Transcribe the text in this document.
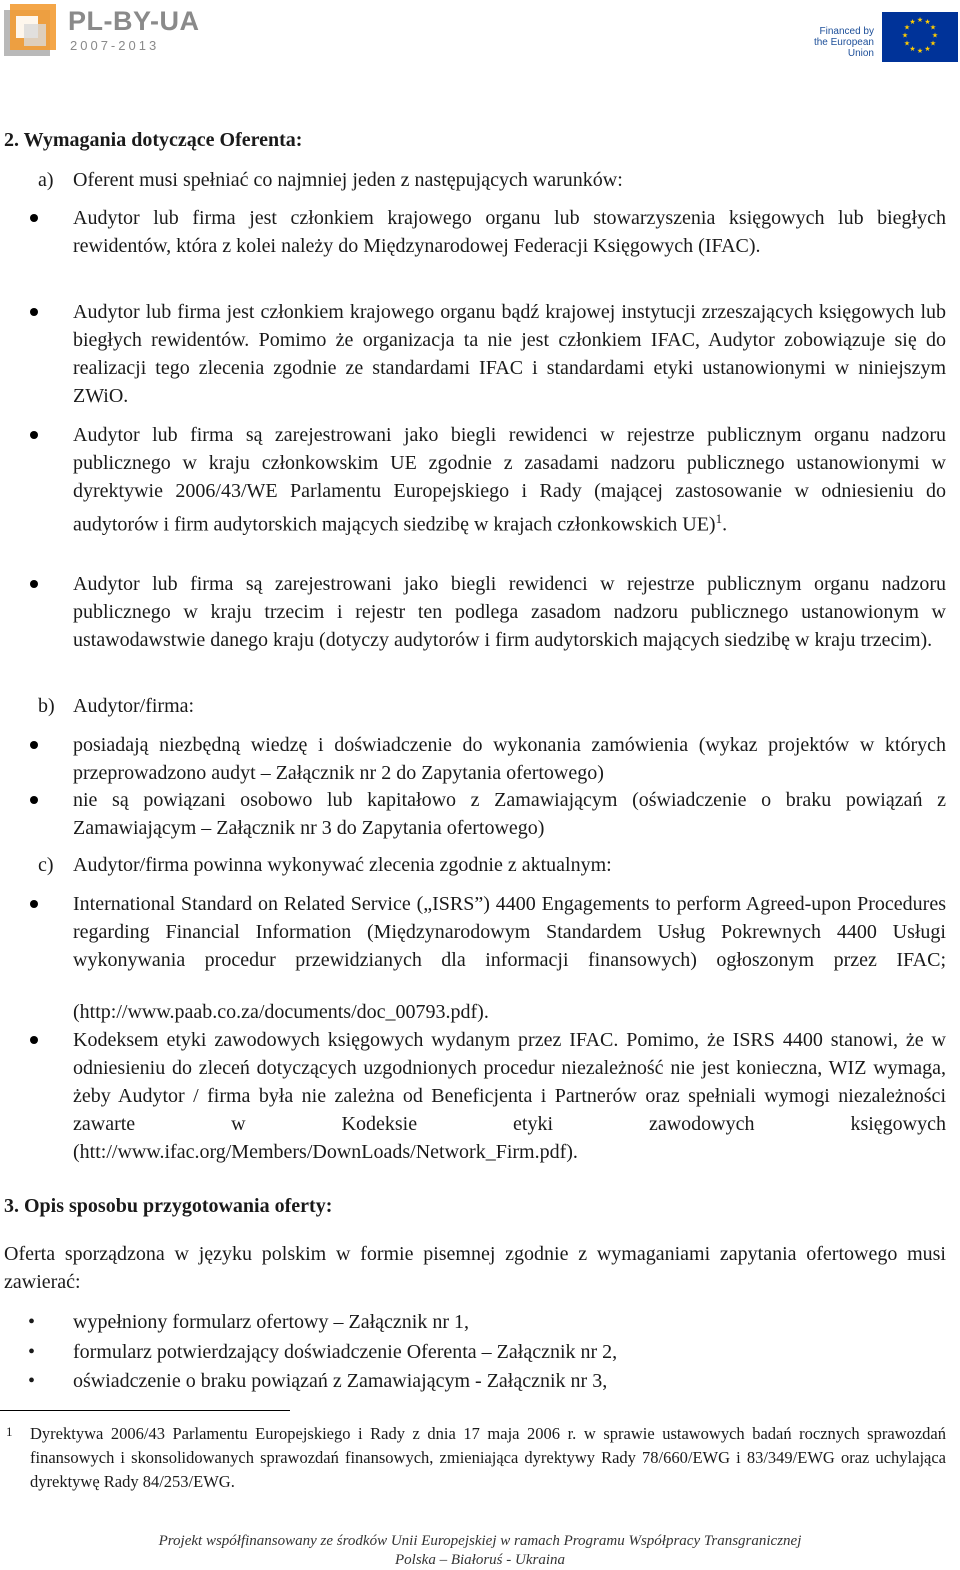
PL-BY-UA
2007-2013
Financed by
the European Union
★ ★
★
★
★
★
★
★
★
★
★
★
2. Wymagania dotyczące Oferenta:
a) Oferent musi spełniać co najmniej jeden z następujących warunków:

Audytor lub firma jest członkiem krajowego organu lub stowarzyszenia księgowych lub biegłych rewidentów, która z kolei należy do Międzynarodowej Federacji Księgowych (IFAC).

Audytor lub firma jest członkiem krajowego organu bądź krajowej instytucji zrzeszających księgowych lub biegłych rewidentów. Pomimo że organizacja ta nie jest członkiem IFAC, Audytor zobowiązuje się do realizacji tego zlecenia zgodnie ze standardami IFAC i standardami etyki ustanowionymi w niniejszym ZWiO.

Audytor lub firma są zarejestrowani jako biegli rewidenci w rejestrze publicznym organu nadzoru publicznego w kraju członkowskim UE zgodnie z zasadami nadzoru publicznego ustanowionymi w dyrektywie 2006/43/WE Parlamentu Europejskiego i Rady (mającej zastosowanie w odniesieniu do audytorów i firm audytorskich mających siedzibę w krajach członkowskich UE)$^1$.

Audytor lub firma są zarejestrowani jako biegli rewidenci w rejestrze publicznym organu nadzoru publicznego w kraju trzecim i rejestr ten podlega zasadom nadzoru publicznego ustanowionym w ustawodawstwie danego kraju (dotyczy audytorów i firm audytorskich mających siedzibę w kraju trzecim).

b) Audytor/firma:

posiadają niezbędną wiedzę i doświadczenie do wykonania zamówienia (wykaz projektów w których przeprowadzono audyt – Załącznik nr 2 do Zapytania ofertowego)

nie są powiązani osobowo lub kapitałowo z Zamawiającym (oświadczenie o braku powiązań z Zamawiającym – Załącznik nr 3 do Zapytania ofertowego)

c) Audytor/firma powinna wykonywać zlecenia zgodnie z aktualnym:

International Standard on Related Service („ISRS”) 4400 Engagements to perform Agreed-upon Procedures regarding Financial Information (Międzynarodowym Standardem Usług Pokrewnych 4400 Usługi wykonywania procedur przewidzianych dla informacji finansowych) ogłoszonym przez IFAC;

(http://www.paab.co.za/documents/doc_00793.pdf).

Kodeksem etyki zawodowych księgowych wydanym przez IFAC. Pomimo, że ISRS 4400 stanowi, że w odniesieniu do zleceń dotyczących uzgodnionych procedur niezależność nie jest konieczna, WIZ wymaga, żeby Audytor / firma była nie zależna od Beneficjenta i Partnerów oraz spełniali wymogi niezależności zawarte w Kodeksie etyki zawodowych księgowych (htt://www.ifac.org/Members/DownLoads/Network_Firm.pdf).

3. Opis sposobu przygotowania oferty:

Oferta sporządzona w języku polskim w formie pisemnej zgodnie z wymaganiami zapytania ofertowego musi zawierać:

• wypełniony formularz ofertowy – Załącznik nr 1,
• formularz potwierdzający doświadczenie Oferenta – Załącznik nr 2,
• oświadczenie o braku powiązań z Zamawiającym - Załącznik nr 3,
1 Dyrektywa 2006/43 Parlamentu Europejskiego i Rady z dnia 17 maja 2006 r. w sprawie ustawowych badań rocznych sprawozdań finansowych i skonsolidowanych sprawozdań finansowych, zmieniająca dyrektywy Rady 78/660/EWG i 83/349/EWG oraz uchylająca dyrektywę Rady 84/253/EWG.

Projekt współfinansowany ze środków Unii Europejskiej w ramach Programu Współpracy Transgranicznej
Polska – Białoruś - Ukraina
